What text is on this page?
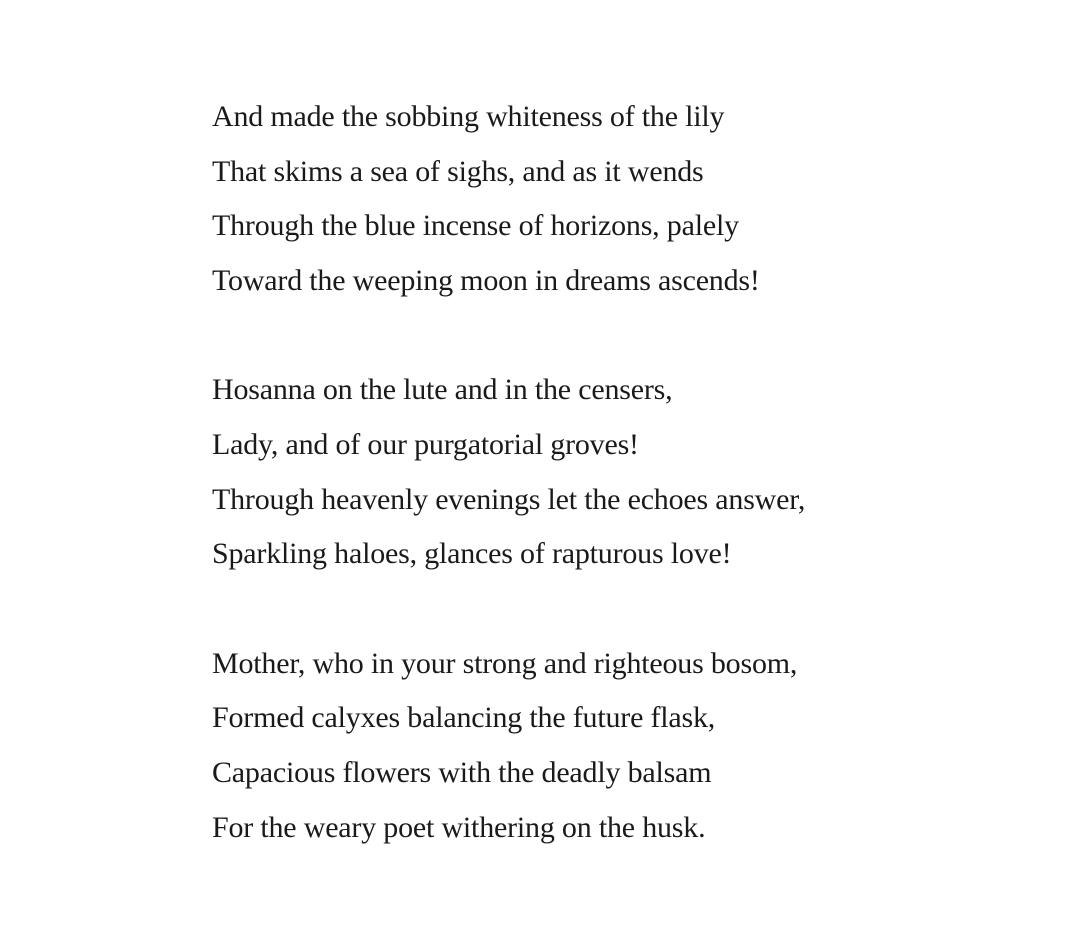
And made the sobbing whiteness of the lily
That skims a sea of sighs, and as it wends
Through the blue incense of horizons, palely
Toward the weeping moon in dreams ascends!
Hosanna on the lute and in the censers,
Lady, and of our purgatorial groves!
Through heavenly evenings let the echoes answer,
Sparkling haloes, glances of rapturous love!
Mother, who in your strong and righteous bosom,
Formed calyxes balancing the future flask,
Capacious flowers with the deadly balsam
For the weary poet withering on the husk.
